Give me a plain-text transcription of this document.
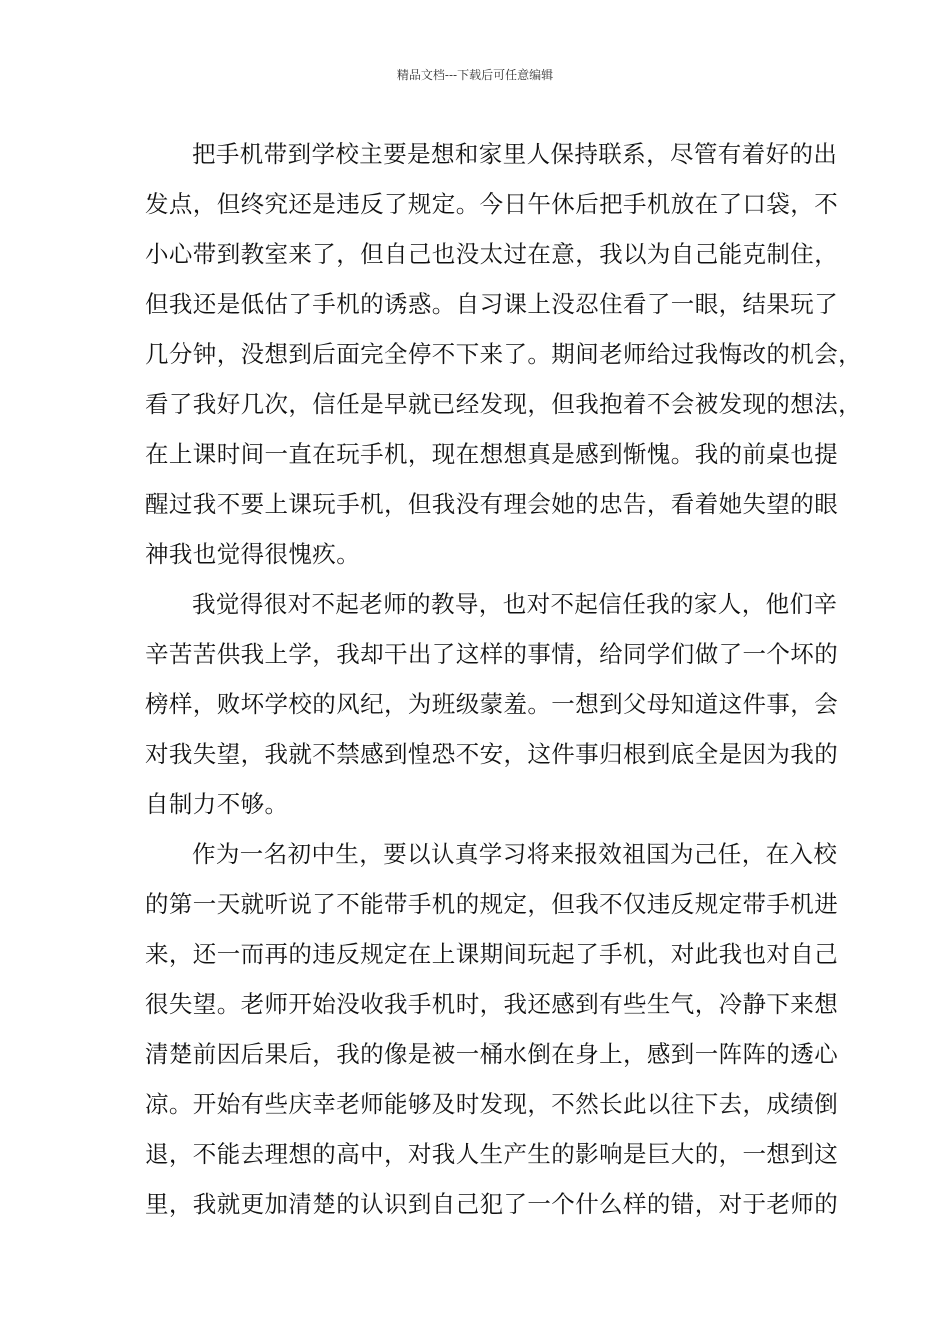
精品文档---下载后可任意编辑
把手机带到学校主要是想和家里人保持联系，尽管有着好的出
发点，但终究还是违反了规定。今日午休后把手机放在了口袋，不
小心带到教室来了，但自己也没太过在意，我以为自己能克制住，
但我还是低估了手机的诱惑。自习课上没忍住看了一眼，结果玩了
几分钟，没想到后面完全停不下来了。期间老师给过我悔改的机会，
看了我好几次，信任是早就已经发现，但我抱着不会被发现的想法，
在上课时间一直在玩手机，现在想想真是感到惭愧。我的前桌也提
醒过我不要上课玩手机，但我没有理会她的忠告，看着她失望的眼
神我也觉得很愧疚。
我觉得很对不起老师的教导，也对不起信任我的家人，他们辛
辛苦苦供我上学，我却干出了这样的事情，给同学们做了一个坏的
榜样，败坏学校的风纪，为班级蒙羞。一想到父母知道这件事，会
对我失望，我就不禁感到惶恐不安，这件事归根到底全是因为我的
自制力不够。
作为一名初中生，要以认真学习将来报效祖国为己任，在入校
的第一天就听说了不能带手机的规定，但我不仅违反规定带手机进
来，还一而再的违反规定在上课期间玩起了手机，对此我也对自己
很失望。老师开始没收我手机时，我还感到有些生气，冷静下来想
清楚前因后果后，我的像是被一桶水倒在身上，感到一阵阵的透心
凉。开始有些庆幸老师能够及时发现，不然长此以往下去，成绩倒
退，不能去理想的高中，对我人生产生的影响是巨大的，一想到这
里，我就更加清楚的认识到自己犯了一个什么样的错，对于老师的
